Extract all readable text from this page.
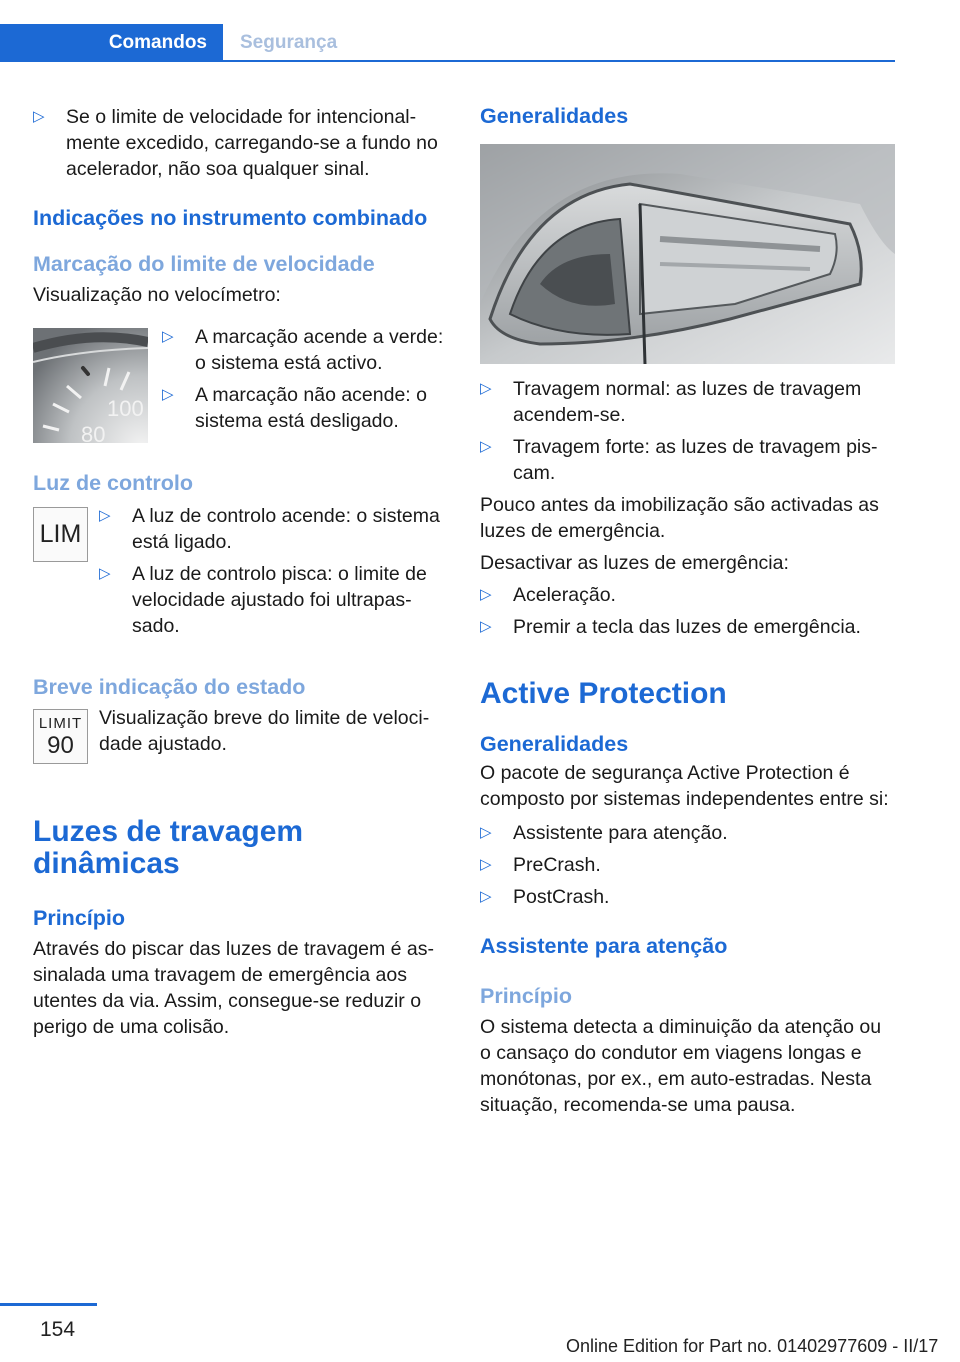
Comandos	Segurança
▷ Se o limite de velocidade for intencional‐mente excedido, carregando-se a fundo no acelerador, não soa qualquer sinal.
Indicações no instrumento combinado
Marcação do limite de velocidade

Visualização no velocímetro:

100
80
▷ A marcação acende a verde: o sistema está activo.
▷ A marcação não acende: o sistema está desligado.
Luz de controlo
LIM
▷ A luz de controlo acende: o sistema está ligado.
▷ A luz de controlo pisca: o limite de velocidade ajustado foi ultrapas‐sado.
Breve indicação do estado
LIMIT
90

Visualização breve do limite de veloci‐dade ajustado.

Luzes de travagem dinâmicas
Princípio

Através do piscar das luzes de travagem é as‐sinalada uma travagem de emergência aos utentes da via. Assim, consegue-se reduzir o perigo de uma colisão.

Generalidades
▷ Travagem normal: as luzes de travagem acendem-se.
▷ Travagem forte: as luzes de travagem pis‐cam.

Pouco antes da imobilização são activadas as luzes de emergência.

Desactivar as luzes de emergência:

▷ Aceleração.
▷ Premir a tecla das luzes de emergência.
Active Protection
Generalidades

O pacote de segurança Active Protection é composto por sistemas independentes entre si:

▷ Assistente para atenção.
▷ PreCrash.
▷ PostCrash.
Assistente para atenção
Princípio

O sistema detecta a diminuição da atenção ou o cansaço do condutor em viagens longas e monótonas, por ex., em auto-estradas. Nesta situação, recomenda-se uma pausa.

154
Online Edition for Part no. 01402977609 - II/17
